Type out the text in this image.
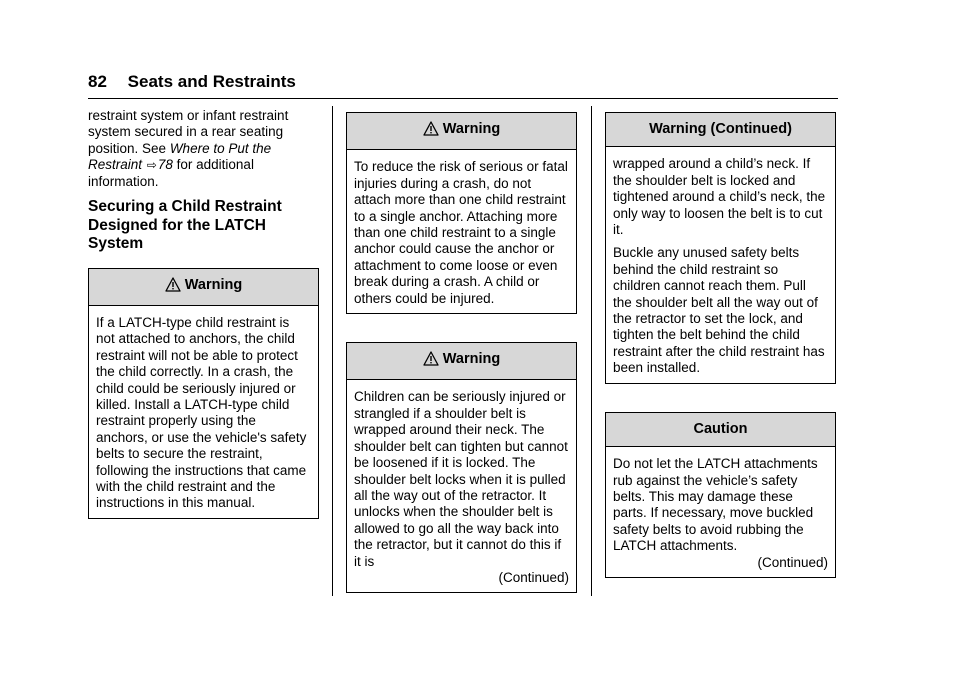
82 Seats and Restraints

restraint system or infant restraint system secured in a rear seating position. See Where to Put the Restraint ⇨78 for additional information.

Securing a Child Restraint Designed for the LATCH System
Warning

If a LATCH-type child restraint is not attached to anchors, the child restraint will not be able to protect the child correctly. In a crash, the child could be seriously injured or killed. Install a LATCH-type child restraint properly using the anchors, or use the vehicle's safety belts to secure the restraint, following the instructions that came with the child restraint and the instructions in this manual.

Warning

To reduce the risk of serious or fatal injuries during a crash, do not attach more than one child restraint to a single anchor. Attaching more than one child restraint to a single anchor could cause the anchor or attachment to come loose or even break during a crash. A child or others could be injured.

Warning

Children can be seriously injured or strangled if a shoulder belt is wrapped around their neck. The shoulder belt can tighten but cannot be loosened if it is locked. The shoulder belt locks when it is pulled all the way out of the retractor. It unlocks when the shoulder belt is allowed to go all the way back into the retractor, but it cannot do this if it is

(Continued)

Warning (Continued)

wrapped around a child’s neck. If the shoulder belt is locked and tightened around a child’s neck, the only way to loosen the belt is to cut it.

Buckle any unused safety belts behind the child restraint so children cannot reach them. Pull the shoulder belt all the way out of the retractor to set the lock, and tighten the belt behind the child restraint after the child restraint has been installed.

Caution

Do not let the LATCH attachments rub against the vehicle’s safety belts. This may damage these parts. If necessary, move buckled safety belts to avoid rubbing the LATCH attachments.

(Continued)
